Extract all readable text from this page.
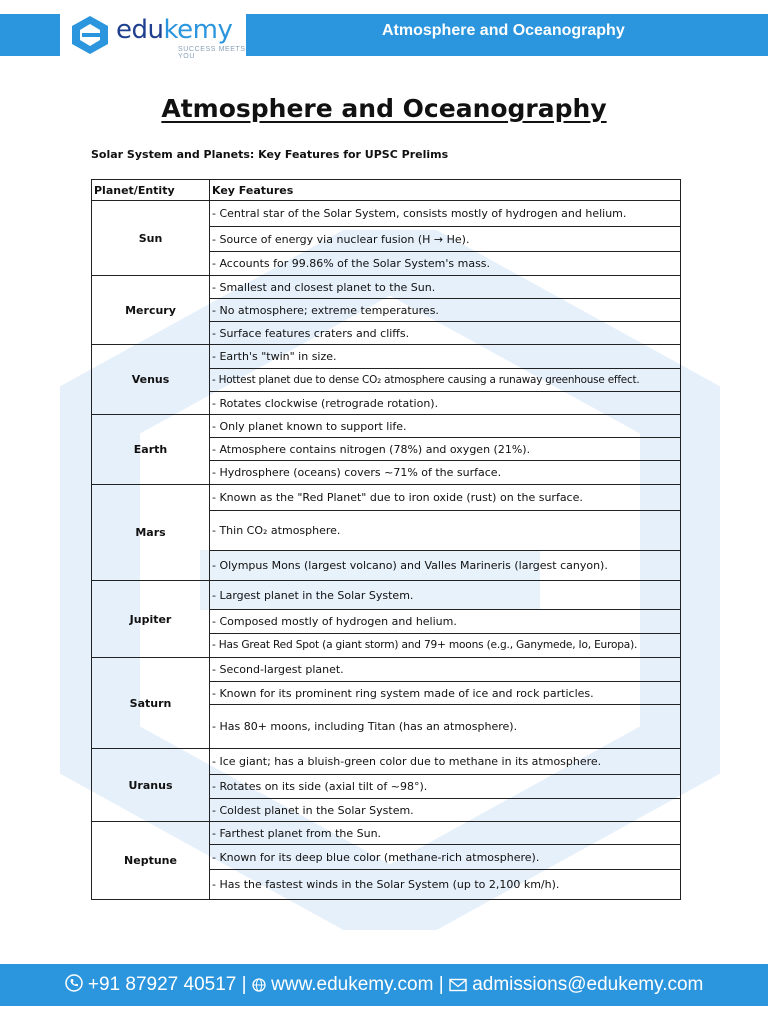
edukemy
SUCCESS MEETS YOU
Atmosphere and Oceanography
Atmosphere and Oceanography
Solar System and Planets: Key Features for UPSC Prelims
Planet/Entity	Key Features
Sun	- Central star of the Solar System, consists mostly of hydrogen and helium.
	- Source of energy via nuclear fusion (H → He).
	- Accounts for 99.86% of the Solar System's mass.
Mercury	- Smallest and closest planet to the Sun.
	- No atmosphere; extreme temperatures.
	- Surface features craters and cliffs.
Venus	- Earth's "twin" in size.
	- Hottest planet due to dense CO₂ atmosphere causing a runaway greenhouse effect.
	- Rotates clockwise (retrograde rotation).
Earth	- Only planet known to support life.
	- Atmosphere contains nitrogen (78%) and oxygen (21%).
	- Hydrosphere (oceans) covers ~71% of the surface.
Mars	- Known as the "Red Planet" due to iron oxide (rust) on the surface.
	- Thin CO₂ atmosphere.
	- Olympus Mons (largest volcano) and Valles Marineris (largest canyon).
Jupiter	- Largest planet in the Solar System.
	- Composed mostly of hydrogen and helium.
	- Has Great Red Spot (a giant storm) and 79+ moons (e.g., Ganymede, Io, Europa).
Saturn	- Second-largest planet.
	- Known for its prominent ring system made of ice and rock particles.
	- Has 80+ moons, including Titan (has an atmosphere).
Uranus	- Ice giant; has a bluish-green color due to methane in its atmosphere.
	- Rotates on its side (axial tilt of ~98°).
	- Coldest planet in the Solar System.
Neptune	- Farthest planet from the Sun.
	- Known for its deep blue color (methane-rich atmosphere).
	- Has the fastest winds in the Solar System (up to 2,100 km/h).
+91 87927 40517 | www.edukemy.com | admissions@edukemy.com
